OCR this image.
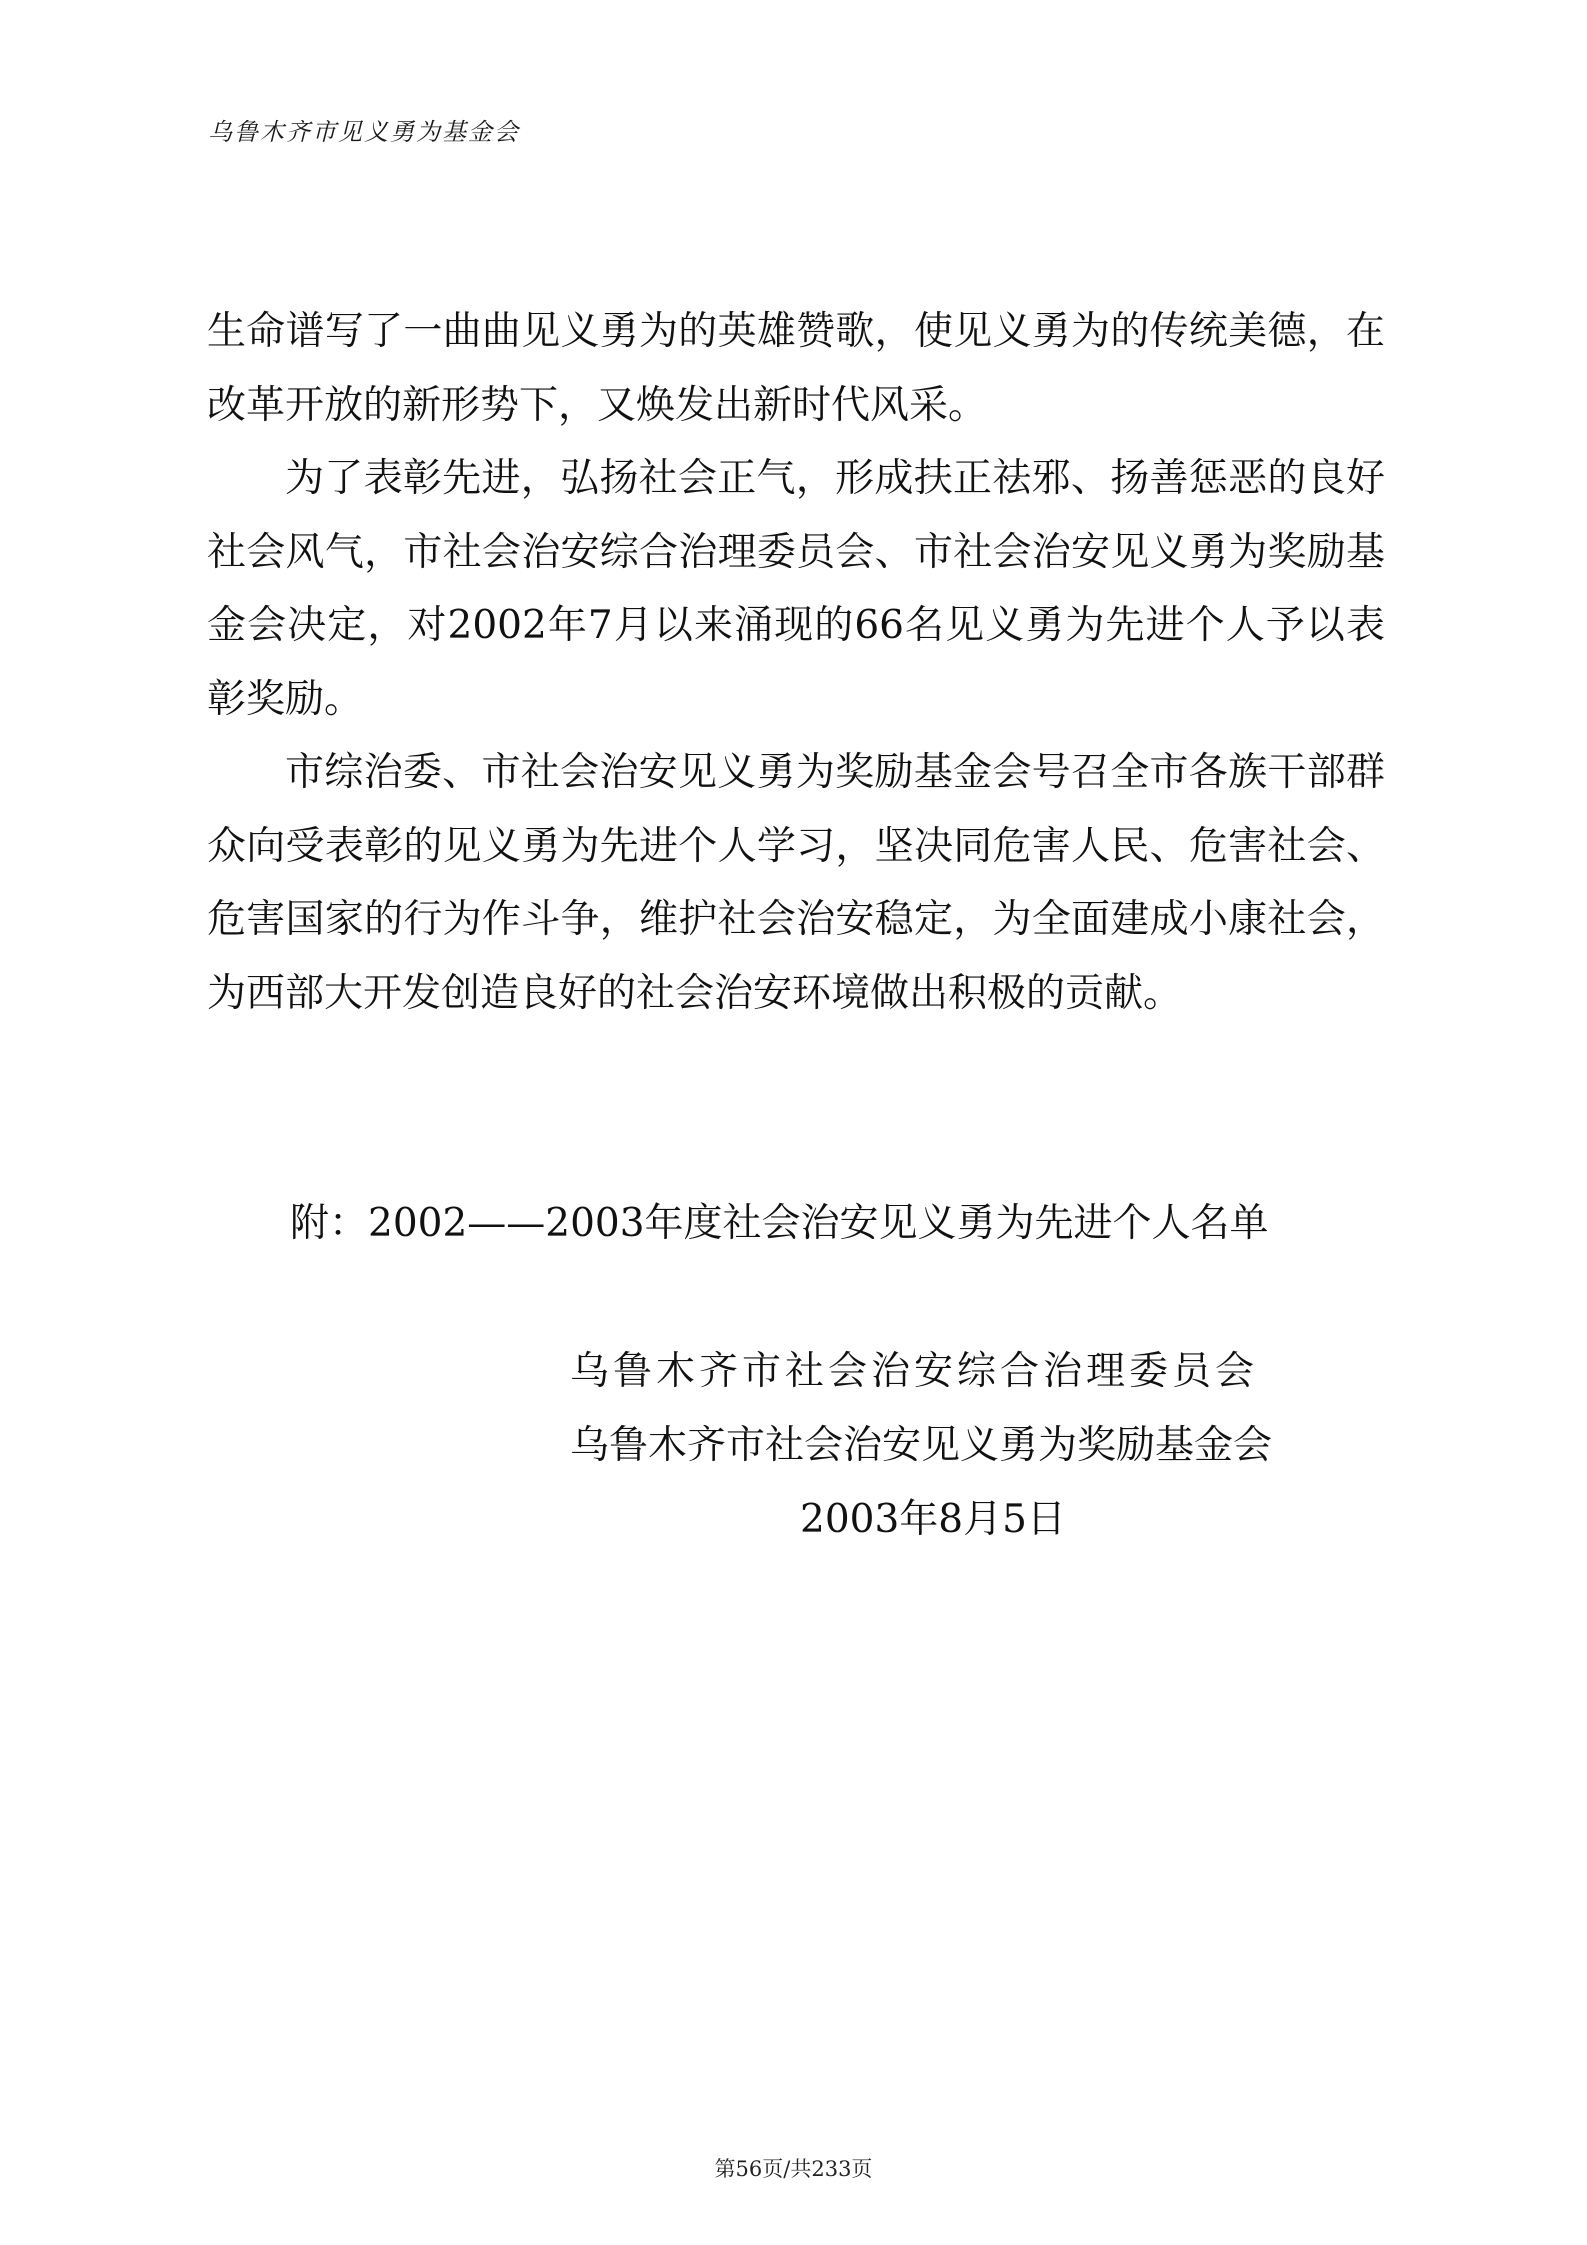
乌鲁木齐市见义勇为基金会

生命谱写了一曲曲见义勇为的英雄赞歌，使见义勇为的传统美德，在改革开放的新形势下，又焕发出新时代风采。

为了表彰先进，弘扬社会正气，形成扶正祛邪、扬善惩恶的良好社会风气，市社会治安综合治理委员会、市社会治安见义勇为奖励基金会决定，对2002年7月以来涌现的66名见义勇为先进个人予以表彰奖励。

市综治委、市社会治安见义勇为奖励基金会号召全市各族干部群众向受表彰的见义勇为先进个人学习，坚决同危害人民、危害社会、危害国家的行为作斗争，维护社会治安稳定，为全面建成小康社会，为西部大开发创造良好的社会治安环境做出积极的贡献。

附：2002——2003年度社会治安见义勇为先进个人名单
乌鲁木齐市社会治安综合治理委员会
乌鲁木齐市社会治安见义勇为奖励基金会
2003年8月5日
第56页/共233页
